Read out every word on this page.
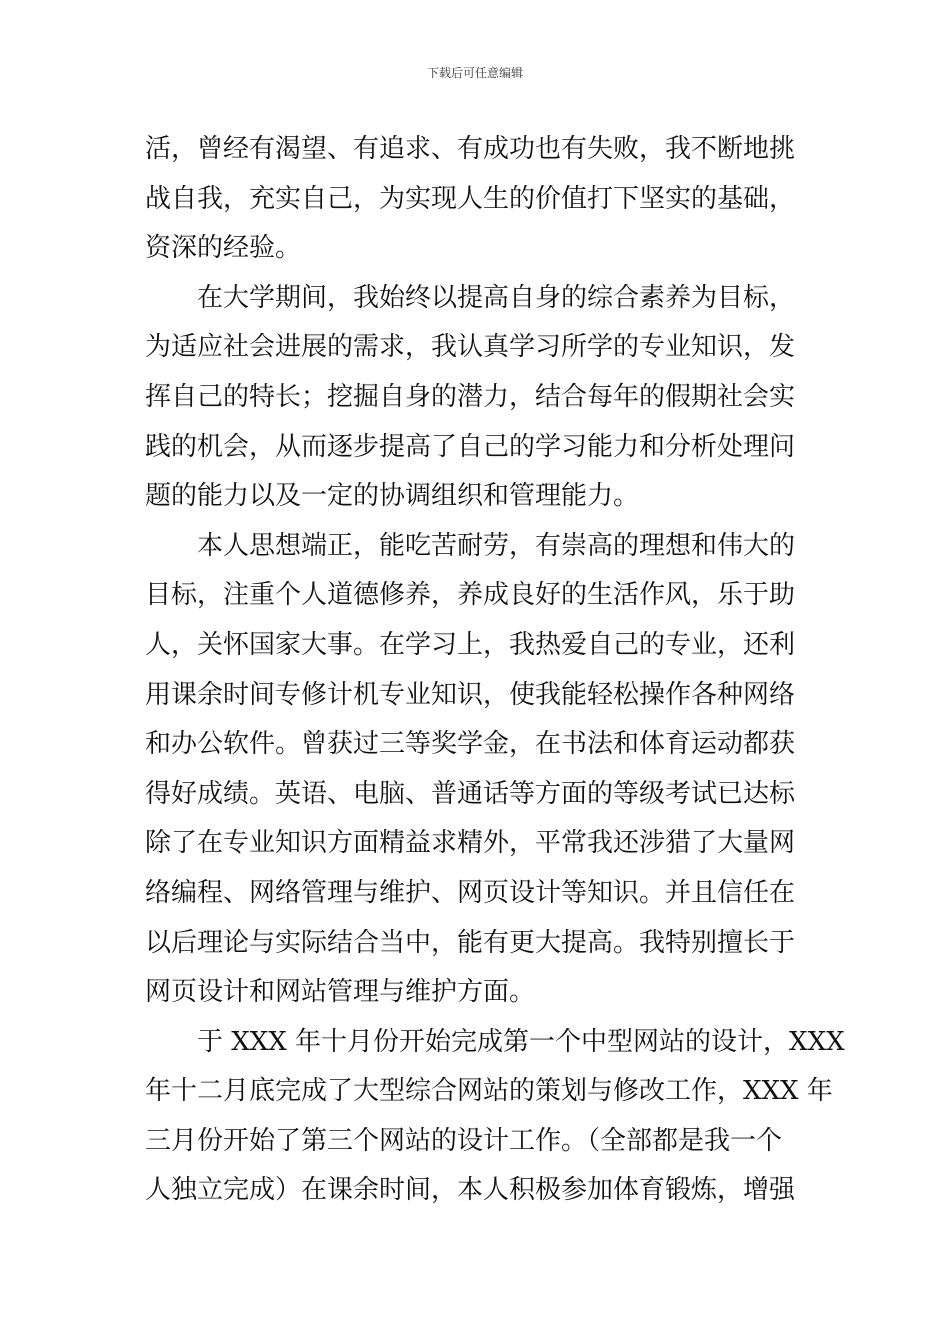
下载后可任意编辑
活，曾经有渴望、有追求、有成功也有失败，我不断地挑
战自我，充实自己，为实现人生的价值打下坚实的基础，
资深的经验。
在大学期间，我始终以提高自身的综合素养为目标，
为适应社会进展的需求，我认真学习所学的专业知识，发
挥自己的特长；挖掘自身的潜力，结合每年的假期社会实
践的机会，从而逐步提高了自己的学习能力和分析处理问
题的能力以及一定的协调组织和管理能力。
本人思想端正，能吃苦耐劳，有崇高的理想和伟大的
目标，注重个人道德修养，养成良好的生活作风，乐于助
人，关怀国家大事。在学习上，我热爱自己的专业，还利
用课余时间专修计机专业知识，使我能轻松操作各种网络
和办公软件。曾获过三等奖学金，在书法和体育运动都获
得好成绩。英语、电脑、普通话等方面的等级考试已达标
除了在专业知识方面精益求精外，平常我还涉猎了大量网
络编程、网络管理与维护、网页设计等知识。并且信任在
以后理论与实际结合当中，能有更大提高。我特别擅长于
网页设计和网站管理与维护方面。
于 XXX 年十月份开始完成第一个中型网站的设计，XXX
年十二月底完成了大型综合网站的策划与修改工作，XXX 年
三月份开始了第三个网站的设计工作。（全部都是我一个
人独立完成）在课余时间，本人积极参加体育锻炼，增强
